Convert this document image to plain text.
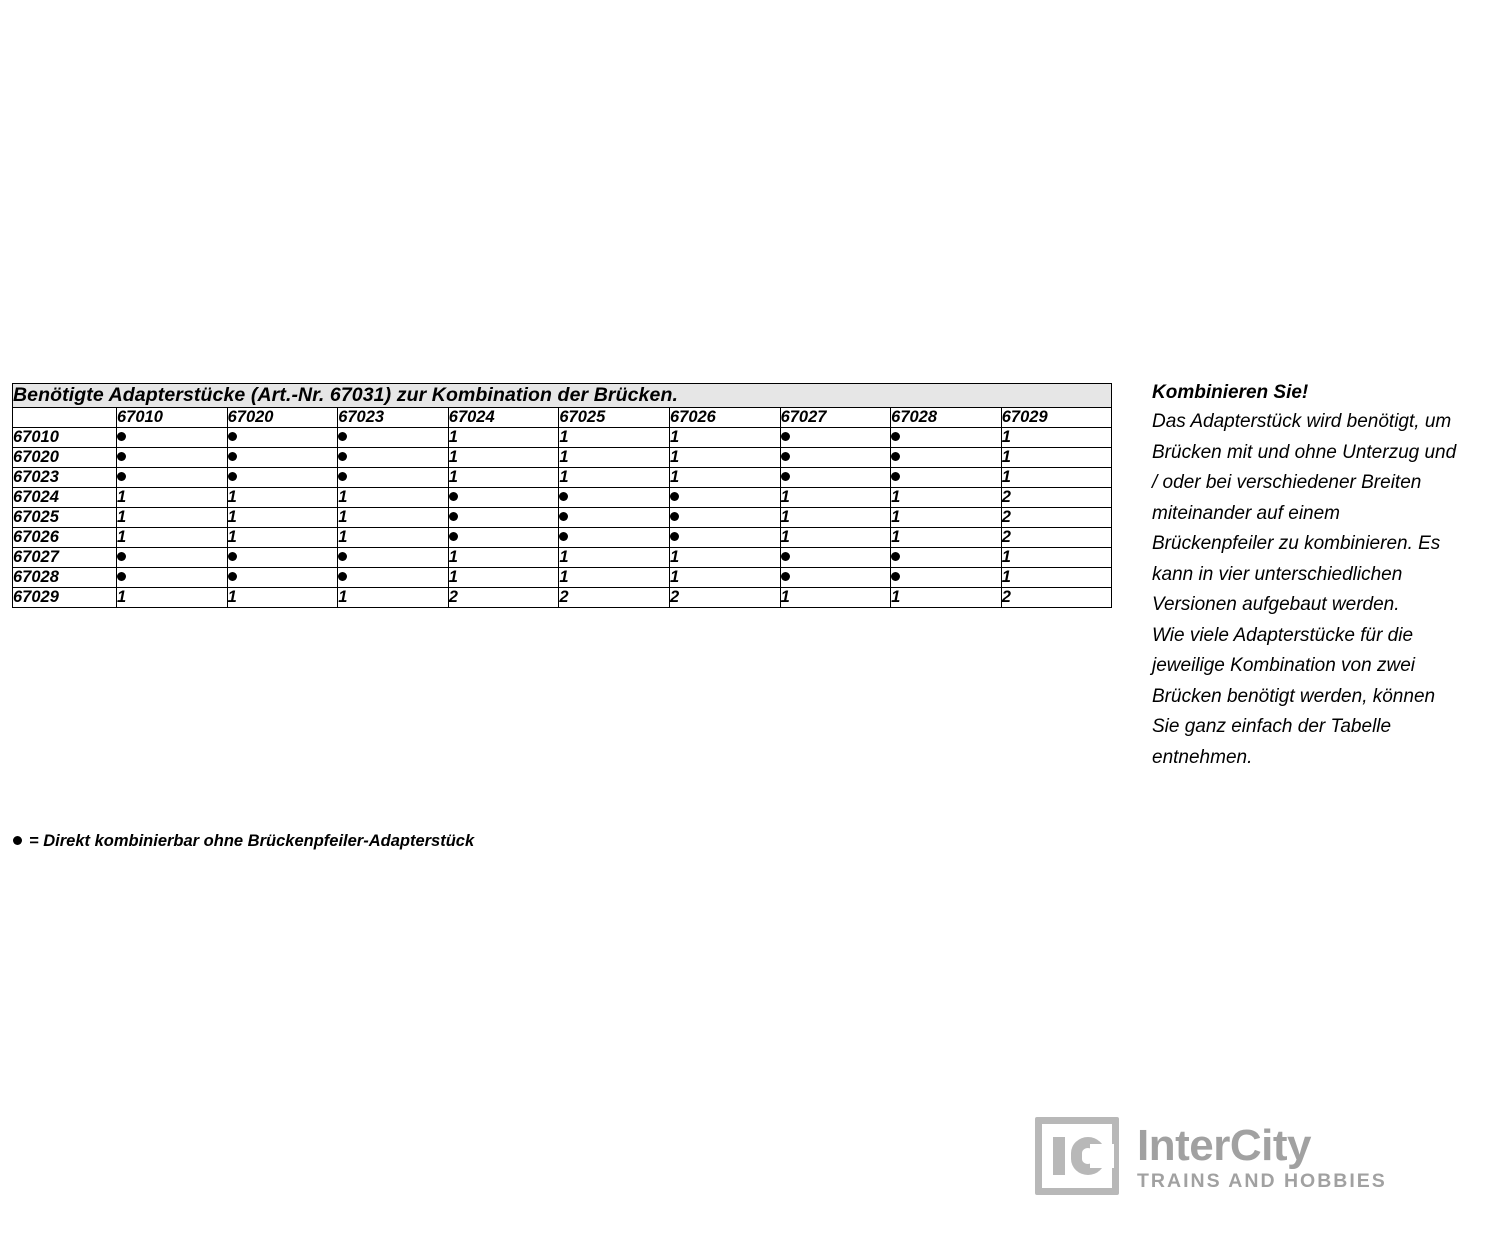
Benötigte Adapterstücke (Art.-Nr. 67031) zur Kombination der Brücken.									
	67010	67020	67023	67024	67025	67026	67027	67028	67029
67010				1	1	1			1
67020				1	1	1			1
67023				1	1	1			1
67024	1	1	1				1	1	2
67025	1	1	1				1	1	2
67026	1	1	1				1	1	2
67027				1	1	1			1
67028				1	1	1			1
67029	1	1	1	2	2	2	1	1	2
= Direkt kombinierbar ohne Brückenpfeiler-Adapterstück
Kombinieren Sie!

Das Adapterstück wird benötigt, um Brücken mit und ohne Unterzug und / oder bei verschiedener Breiten miteinander auf einem Brückenpfeiler zu kombinieren. Es kann in vier unterschiedlichen Versionen aufgebaut werden.

Wie viele Adapterstücke für die jeweilige Kombination von zwei Brücken benötigt werden, können Sie ganz einfach der Tabelle entnehmen.

InterCity
TRAINS AND HOBBIES
